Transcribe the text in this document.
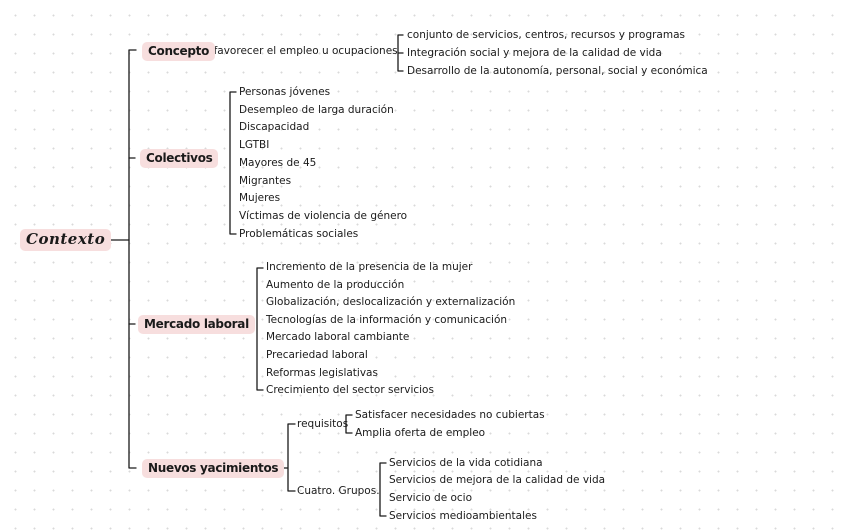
Contexto
Concepto
– favorecer el empleo u ocupaciones
conjunto de servicios, centros, recursos y programas
Integración social y mejora de la calidad de vida
Desarrollo de la autonomía, personal, social y económica
Colectivos
Personas jóvenes
Desempleo de larga duración
Discapacidad
LGTBI
Mayores de 45
Migrantes
Mujeres
Víctimas de violencia de género
Problemáticas sociales
Mercado laboral
Incremento de la presencia de la mujer
Aumento de la producción
Globalización, deslocalización y externalización
Tecnologías de la información y comunicación
Mercado laboral cambiante
Precariedad laboral
Reformas legislativas
Crecimiento del sector servicios
Nuevos yacimientos
requisitos
Satisfacer necesidades no cubiertas
Amplia oferta de empleo
Cuatro. Grupos.
Servicios de la vida cotidiana
Servicios de mejora de la calidad de vida
Servicio de ocio
Servicios medioambientales
